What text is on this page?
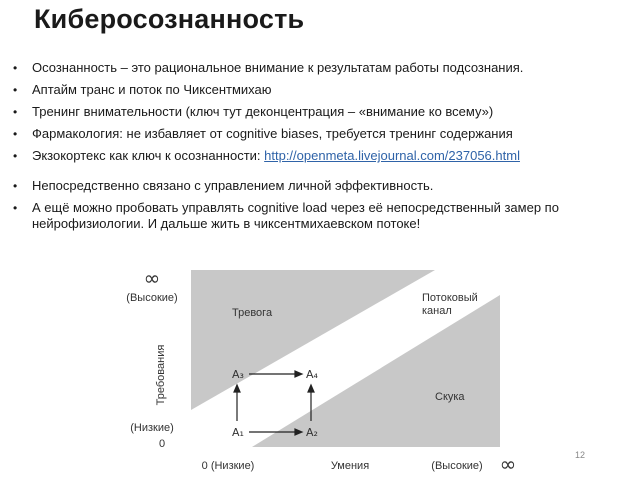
Киберосознанность
• Осознанность – это рациональное внимание к результатам работы подсознания.
• Аптайм транс и поток по Чиксентмихаю
• Тренинг внимательности (ключ тут деконцентрация – «внимание ко всему»)
• Фармакология: не избавляет от cognitive biases, требуется тренинг содержания
• Экзокортекс как ключ к осознанности: http://openmeta.livejournal.com/237056.html
• Непосредственно связано с управлением личной эффективность.
• А ещё можно пробовать управлять cognitive load через её непосредственный замер по нейрофизиологии. И дальше жить в чиксентмихаевском потоке!
∞
(Высокие)
Требования
(Низкие)
0
0 (Низкие)	Умения	(Высокие) ∞
Тревога
Потоковый
канал
Скука
A₃	A₄
A₁	A₂
12
